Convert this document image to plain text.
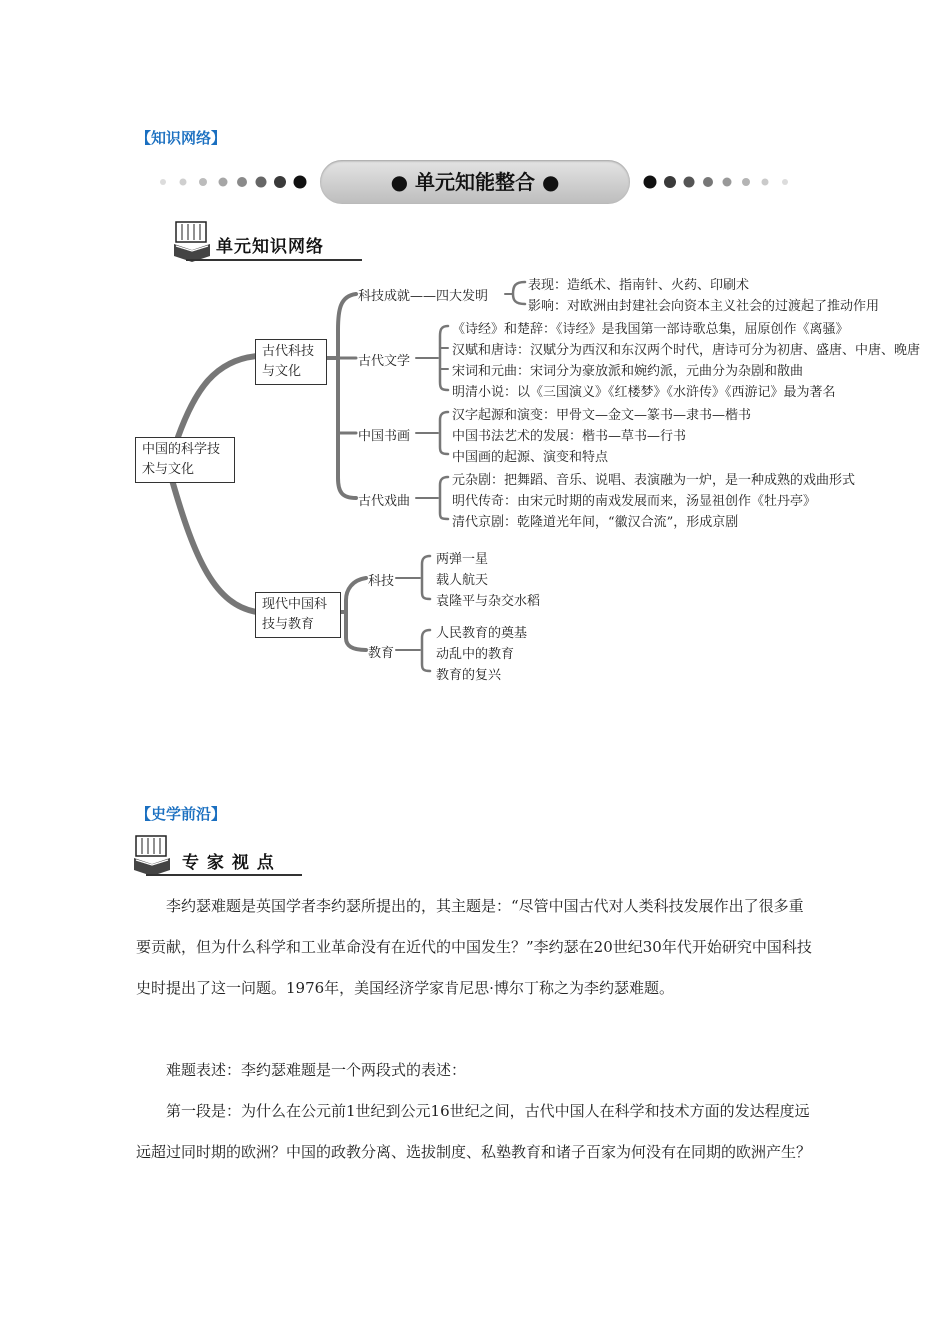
【知识网络】
● 单元知能整合 ●
单元知识网络
中国的科学技术与文化
古代科技与文化
现代中国科技与教育
科技成就——四大发明
表现：造纸术、指南针、火药、印刷术
影响：对欧洲由封建社会向资本主义社会的过渡起了推动作用
古代文学
《诗经》和楚辞：《诗经》是我国第一部诗歌总集，屈原创作《离骚》
汉赋和唐诗：汉赋分为西汉和东汉两个时代，唐诗可分为初唐、盛唐、中唐、晚唐
宋词和元曲：宋词分为豪放派和婉约派，元曲分为杂剧和散曲
明清小说：以《三国演义》《红楼梦》《水浒传》《西游记》最为著名
中国书画
汉字起源和演变：甲骨文—金文—篆书—隶书—楷书
中国书法艺术的发展：楷书—草书—行书
中国画的起源、演变和特点
古代戏曲
元杂剧：把舞蹈、音乐、说唱、表演融为一炉，是一种成熟的戏曲形式
明代传奇：由宋元时期的南戏发展而来，汤显祖创作《牡丹亭》
清代京剧：乾隆道光年间，“徽汉合流”，形成京剧
科技
两弹一星
载人航天
袁隆平与杂交水稻
教育
人民教育的奠基
动乱中的教育
教育的复兴
【史学前沿】
专 家 视 点
李约瑟难题是英国学者李约瑟所提出的，其主题是：“尽管中国古代对人类科技发展作出了很多重要贡献，但为什么科学和工业革命没有在近代的中国发生？”李约瑟在20世纪30年代开始研究中国科技史时提出了这一问题。1976年，美国经济学家肯尼思·博尔丁称之为李约瑟难题。
难题表述：李约瑟难题是一个两段式的表述：
第一段是：为什么在公元前1世纪到公元16世纪之间，古代中国人在科学和技术方面的发达程度远远超过同时期的欧洲？中国的政教分离、选拔制度、私塾教育和诸子百家为何没有在同期的欧洲产生？
